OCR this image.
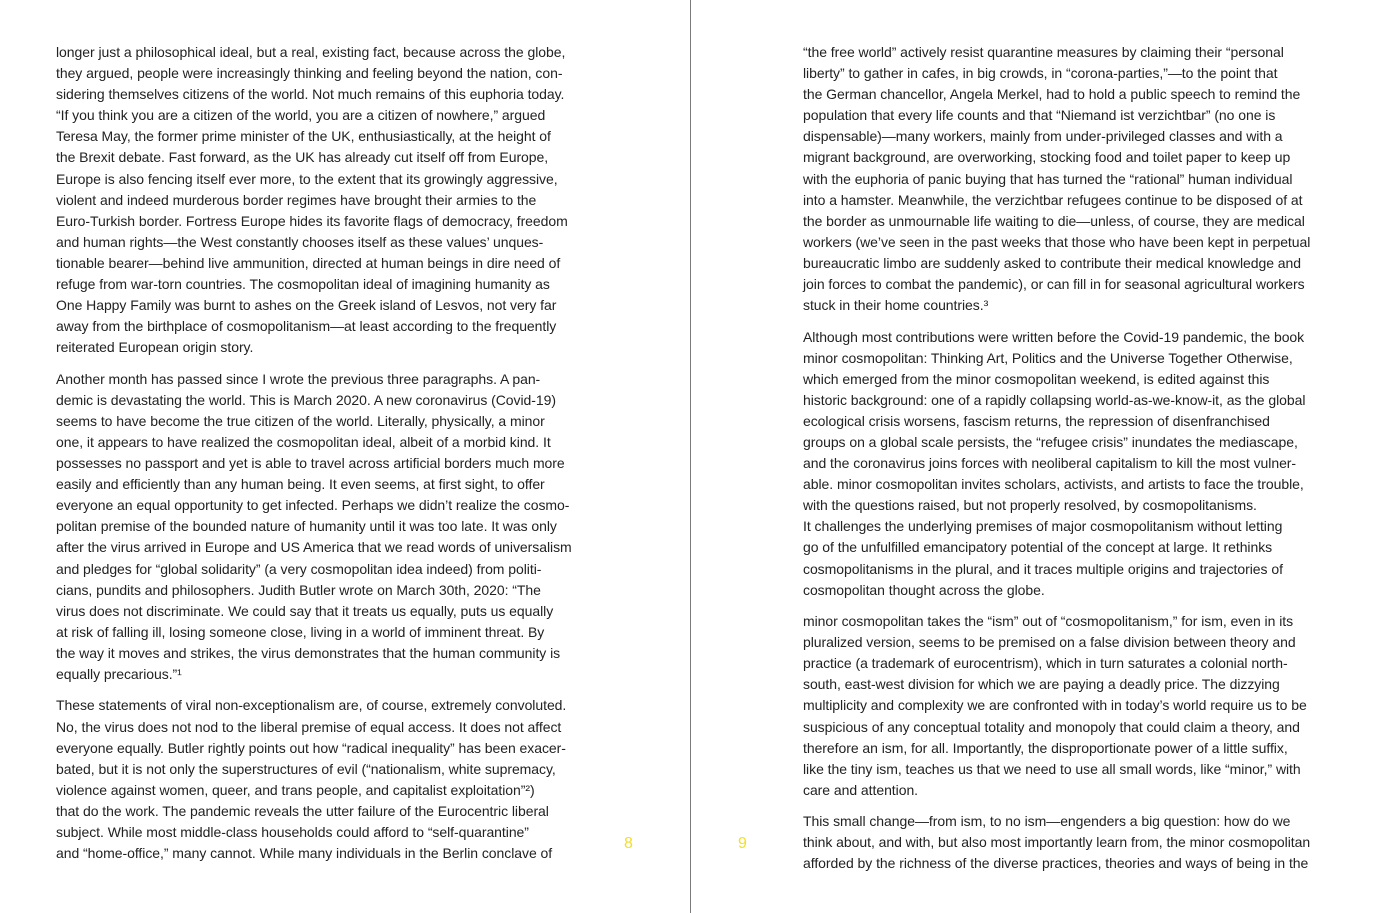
longer just a philosophical ideal, but a real, existing fact, because across the globe,
they argued, people were increasingly thinking and feeling beyond the nation, con-
sidering themselves citizens of the world. Not much remains of this euphoria today.
“If you think you are a citizen of the world, you are a citizen of nowhere,” argued
Teresa May, the former prime minister of the UK, enthusiastically, at the height of
the Brexit debate. Fast forward, as the UK has already cut itself off from Europe,
Europe is also fencing itself ever more, to the extent that its growingly aggressive,
violent and indeed murderous border regimes have brought their armies to the
Euro-Turkish border. Fortress Europe hides its favorite flags of democracy, freedom
and human rights—the West constantly chooses itself as these values’ unques-
tionable bearer—behind live ammunition, directed at human beings in dire need of
refuge from war-torn countries. The cosmopolitan ideal of imagining humanity as
One Happy Family was burnt to ashes on the Greek island of Lesvos, not very far
away from the birthplace of cosmopolitanism—at least according to the frequently
reiterated European origin story.
Another month has passed since I wrote the previous three paragraphs. A pan-
demic is devastating the world. This is March 2020. A new coronavirus (Covid-19)
seems to have become the true citizen of the world. Literally, physically, a minor
one, it appears to have realized the cosmopolitan ideal, albeit of a morbid kind. It
possesses no passport and yet is able to travel across artificial borders much more
easily and efficiently than any human being. It even seems, at first sight, to offer
everyone an equal opportunity to get infected. Perhaps we didn’t realize the cosmo-
politan premise of the bounded nature of humanity until it was too late. It was only
after the virus arrived in Europe and US America that we read words of universalism
and pledges for “global solidarity” (a very cosmopolitan idea indeed) from politi-
cians, pundits and philosophers. Judith Butler wrote on March 30th, 2020: “The
virus does not discriminate. We could say that it treats us equally, puts us equally
at risk of falling ill, losing someone close, living in a world of imminent threat. By
the way it moves and strikes, the virus demonstrates that the human community is
equally precarious.”¹
These statements of viral non-exceptionalism are, of course, extremely convoluted.
No, the virus does not nod to the liberal premise of equal access. It does not affect
everyone equally. Butler rightly points out how “radical inequality” has been exacer-
bated, but it is not only the superstructures of evil (“nationalism, white supremacy,
violence against women, queer, and trans people, and capitalist exploitation”²)
that do the work. The pandemic reveals the utter failure of the Eurocentric liberal
subject. While most middle-class households could afford to “self-quarantine”
and “home-office,” many cannot. While many individuals in the Berlin conclave of
8	9
“the free world” actively resist quarantine measures by claiming their “personal
liberty” to gather in cafes, in big crowds, in “corona-parties,”—to the point that
the German chancellor, Angela Merkel, had to hold a public speech to remind the
population that every life counts and that “Niemand ist verzichtbar” (no one is
dispensable)—many workers, mainly from under-privileged classes and with a
migrant background, are overworking, stocking food and toilet paper to keep up
with the euphoria of panic buying that has turned the “rational” human individual
into a hamster. Meanwhile, the verzichtbar refugees continue to be disposed of at
the border as unmournable life waiting to die—unless, of course, they are medical
workers (we’ve seen in the past weeks that those who have been kept in perpetual
bureaucratic limbo are suddenly asked to contribute their medical knowledge and
join forces to combat the pandemic), or can fill in for seasonal agricultural workers
stuck in their home countries.³
Although most contributions were written before the Covid-19 pandemic, the book
minor cosmopolitan: Thinking Art, Politics and the Universe Together Otherwise,
which emerged from the minor cosmopolitan weekend, is edited against this
historic background: one of a rapidly collapsing world-as-we-know-it, as the global
ecological crisis worsens, fascism returns, the repression of disenfranchised
groups on a global scale persists, the “refugee crisis” inundates the mediascape,
and the coronavirus joins forces with neoliberal capitalism to kill the most vulner-
able. minor cosmopolitan invites scholars, activists, and artists to face the trouble,
with the questions raised, but not properly resolved, by cosmopolitanisms.
It challenges the underlying premises of major cosmopolitanism without letting
go of the unfulfilled emancipatory potential of the concept at large. It rethinks
cosmopolitanisms in the plural, and it traces multiple origins and trajectories of
cosmopolitan thought across the globe.
minor cosmopolitan takes the “ism” out of “cosmopolitanism,” for ism, even in its
pluralized version, seems to be premised on a false division between theory and
practice (a trademark of eurocentrism), which in turn saturates a colonial north-
south, east-west division for which we are paying a deadly price. The dizzying
multiplicity and complexity we are confronted with in today’s world require us to be
suspicious of any conceptual totality and monopoly that could claim a theory, and
therefore an ism, for all. Importantly, the disproportionate power of a little suffix,
like the tiny ism, teaches us that we need to use all small words, like “minor,” with
care and attention.
This small change—from ism, to no ism—engenders a big question: how do we
think about, and with, but also most importantly learn from, the minor cosmopolitan
afforded by the richness of the diverse practices, theories and ways of being in the
